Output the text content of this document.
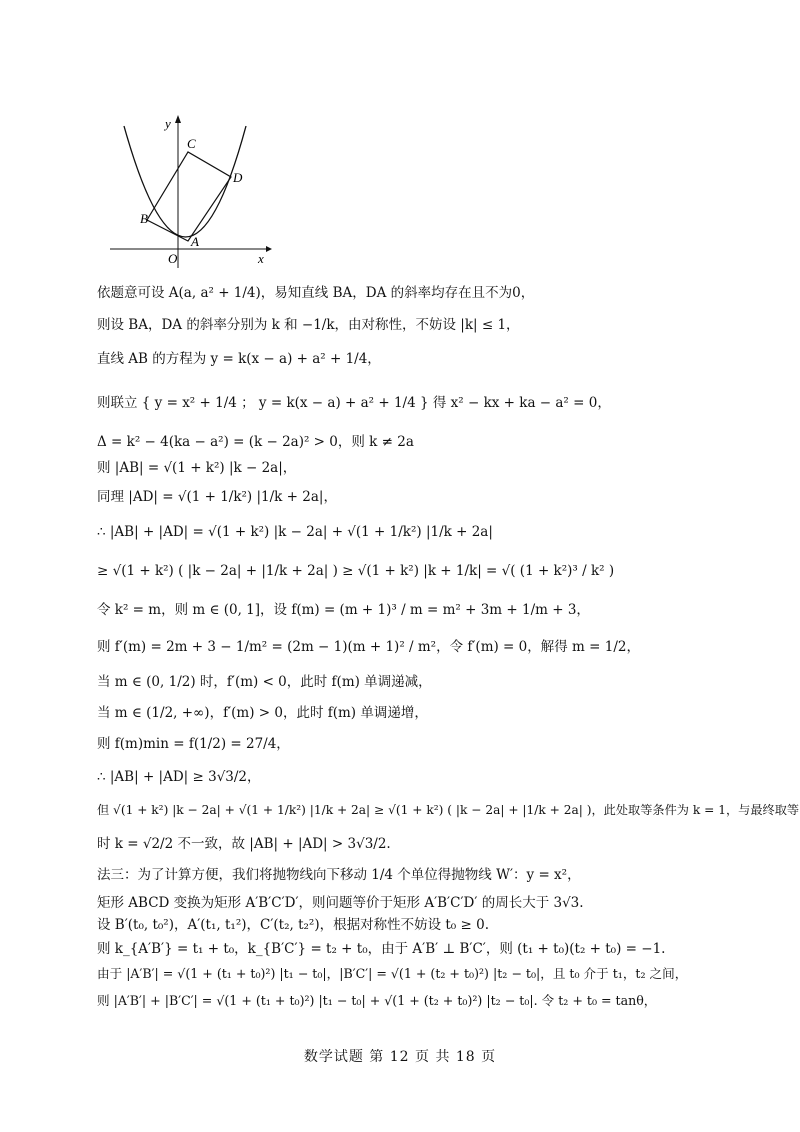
y
x
O
A
B
C
D
依题意可设 A(a, a² + 1/4)，易知直线 BA，DA 的斜率均存在且不为0，
则设 BA，DA 的斜率分别为 k 和 −1/k，由对称性，不妨设 |k| ≤ 1，
直线 AB 的方程为 y = k(x − a) + a² + 1/4，
则联立 { y = x² + 1/4 ； y = k(x − a) + a² + 1/4 } 得 x² − kx + ka − a² = 0，
Δ = k² − 4(ka − a²) = (k − 2a)² > 0，则 k ≠ 2a
则 |AB| = √(1 + k²) |k − 2a|，
同理 |AD| = √(1 + 1/k²) |1/k + 2a|，
∴ |AB| + |AD| = √(1 + k²) |k − 2a| + √(1 + 1/k²) |1/k + 2a|
≥ √(1 + k²) ( |k − 2a| + |1/k + 2a| ) ≥ √(1 + k²) |k + 1/k| = √( (1 + k²)³ / k² )
令 k² = m，则 m ∈ (0, 1]，设 f(m) = (m + 1)³ / m = m² + 3m + 1/m + 3，
则 f′(m) = 2m + 3 − 1/m² = (2m − 1)(m + 1)² / m²，令 f′(m) = 0，解得 m = 1/2，
当 m ∈ (0, 1/2) 时，f′(m) < 0，此时 f(m) 单调递减，
当 m ∈ (1/2, +∞)，f′(m) > 0，此时 f(m) 单调递增，
则 f(m)min = f(1/2) = 27/4，
∴ |AB| + |AD| ≥ 3√3/2，
但 √(1 + k²) |k − 2a| + √(1 + 1/k²) |1/k + 2a| ≥ √(1 + k²) ( |k − 2a| + |1/k + 2a| )，此处取等条件为 k = 1，与最终取等
时 k = √2/2 不一致，故 |AB| + |AD| > 3√3/2.
法三：为了计算方便，我们将抛物线向下移动 1/4 个单位得抛物线 W′：y = x²，
矩形 ABCD 变换为矩形 A′B′C′D′，则问题等价于矩形 A′B′C′D′ 的周长大于 3√3.
设 B′(t₀, t₀²)，A′(t₁, t₁²)，C′(t₂, t₂²)，根据对称性不妨设 t₀ ≥ 0.
则 k_{A′B′} = t₁ + t₀，k_{B′C′} = t₂ + t₀，由于 A′B′ ⊥ B′C′，则 (t₁ + t₀)(t₂ + t₀) = −1.
由于 |A′B′| = √(1 + (t₁ + t₀)²) |t₁ − t₀|，|B′C′| = √(1 + (t₂ + t₀)²) |t₂ − t₀|，且 t₀ 介于 t₁，t₂ 之间，
则 |A′B′| + |B′C′| = √(1 + (t₁ + t₀)²) |t₁ − t₀| + √(1 + (t₂ + t₀)²) |t₂ − t₀|. 令 t₂ + t₀ = tanθ，
数学试题 第 12 页 共 18 页
